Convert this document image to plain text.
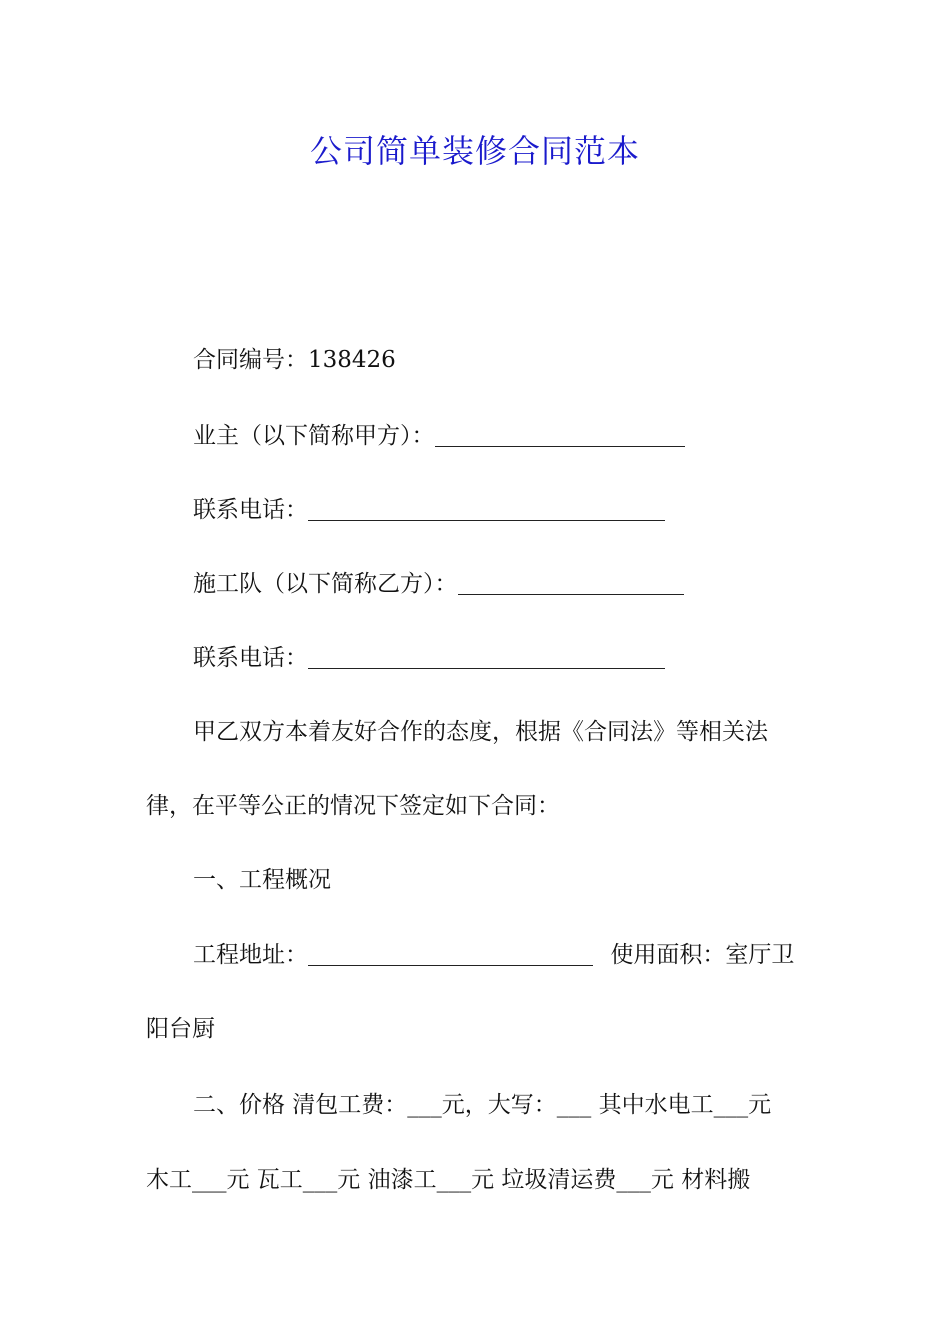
公司简单装修合同范本
合同编号：138426
业主（以下简称甲方）：
联系电话：
施工队（以下简称乙方）：
联系电话：
甲乙双方本着友好合作的态度，根据《合同法》等相关法
律，在平等公正的情况下签定如下合同：
一、工程概况
工程地址：	使用面积：室厅卫
阳台厨
二、价格 清包工费：___元，大写：___ 其中水电工___元
木工___元 瓦工___元 油漆工___元 垃圾清运费___元 材料搬
